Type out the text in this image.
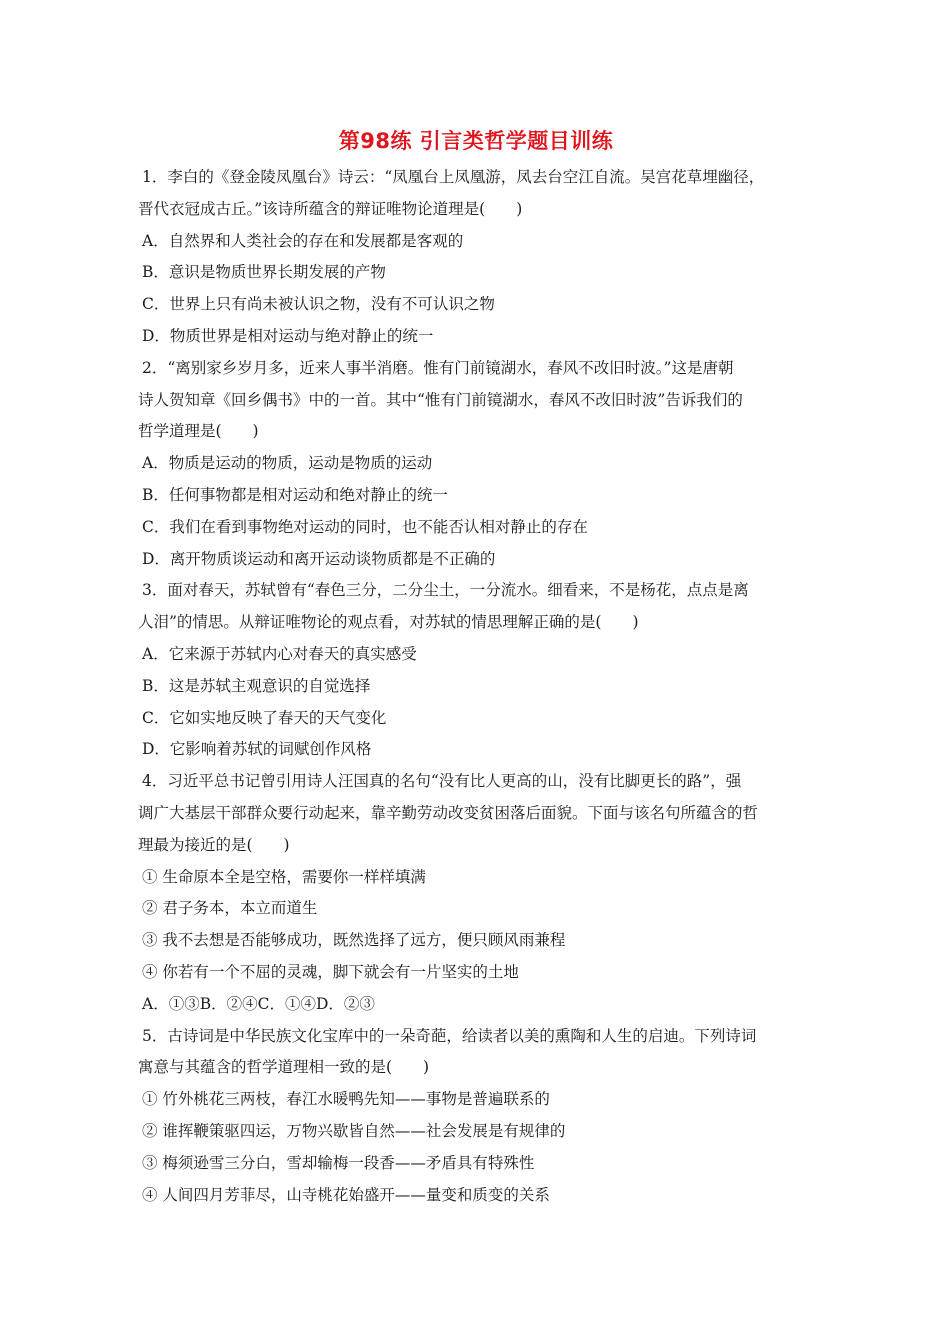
第98练 引言类哲学题目训练
1．李白的《登金陵凤凰台》诗云：“凤凰台上凤凰游，凤去台空江自流。吴宫花草埋幽径，
晋代衣冠成古丘。”该诗所蕴含的辩证唯物论道理是(　　)
A．自然界和人类社会的存在和发展都是客观的
B．意识是物质世界长期发展的产物
C．世界上只有尚未被认识之物，没有不可认识之物
D．物质世界是相对运动与绝对静止的统一
2．“离别家乡岁月多，近来人事半消磨。惟有门前镜湖水，春风不改旧时波。”这是唐朝
诗人贺知章《回乡偶书》中的一首。其中“惟有门前镜湖水，春风不改旧时波”告诉我们的
哲学道理是(　　)
A．物质是运动的物质，运动是物质的运动
B．任何事物都是相对运动和绝对静止的统一
C．我们在看到事物绝对运动的同时，也不能否认相对静止的存在
D．离开物质谈运动和离开运动谈物质都是不正确的
3．面对春天，苏轼曾有“春色三分，二分尘土，一分流水。细看来，不是杨花，点点是离
人泪”的情思。从辩证唯物论的观点看，对苏轼的情思理解正确的是(　　)
A．它来源于苏轼内心对春天的真实感受
B．这是苏轼主观意识的自觉选择
C．它如实地反映了春天的天气变化
D．它影响着苏轼的词赋创作风格
4．习近平总书记曾引用诗人汪国真的名句“没有比人更高的山，没有比脚更长的路”，强
调广大基层干部群众要行动起来，靠辛勤劳动改变贫困落后面貌。下面与该名句所蕴含的哲
理最为接近的是(　　)
① 生命原本全是空格，需要你一样样填满
② 君子务本，本立而道生
③ 我不去想是否能够成功，既然选择了远方，便只顾风雨兼程
④ 你若有一个不屈的灵魂，脚下就会有一片坚实的土地
A．①③B．②④C．①④D．②③
5．古诗词是中华民族文化宝库中的一朵奇葩，给读者以美的熏陶和人生的启迪。下列诗词
寓意与其蕴含的哲学道理相一致的是(　　)
① 竹外桃花三两枝，春江水暖鸭先知——事物是普遍联系的
② 谁挥鞭策驱四运，万物兴歇皆自然——社会发展是有规律的
③ 梅须逊雪三分白，雪却输梅一段香——矛盾具有特殊性
④ 人间四月芳菲尽，山寺桃花始盛开——量变和质变的关系
